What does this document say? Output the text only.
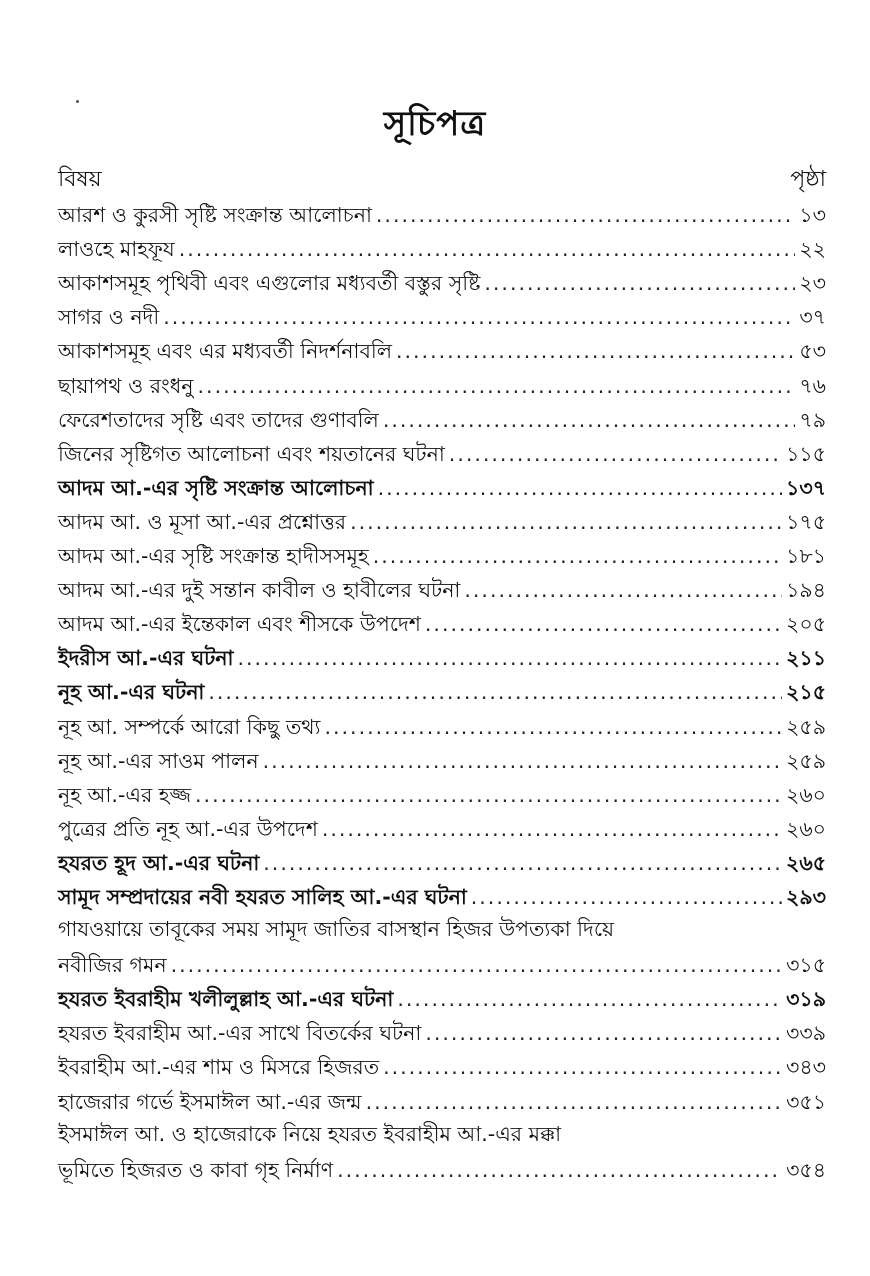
সূচিপত্র
বিষয়	পৃষ্ঠা
আরশ ও কুরসী সৃষ্টি সংক্রান্ত আলোচনা .....	১৩
লাওহে মাহফূয .....	২২
আকাশসমূহ পৃথিবী এবং এগুলোর মধ্যবর্তী বস্তুর সৃষ্টি .....	২৩
সাগর ও নদী .....	৩৭
আকাশসমূহ এবং এর মধ্যবর্তী নিদর্শনাবলি .....	৫৩
ছায়াপথ ও রংধনু .....	৭৬
ফেরেশতাদের সৃষ্টি এবং তাদের গুণাবলি .....	৭৯
জিনের সৃষ্টিগত আলোচনা এবং শয়তানের ঘটনা .....	১১৫
আদম আ.-এর সৃষ্টি সংক্রান্ত আলোচনা .....	১৩৭
আদম আ. ও মূসা আ.-এর প্রশ্নোত্তর .....	১৭৫
আদম আ.-এর সৃষ্টি সংক্রান্ত হাদীসসমূহ .....	১৮১
আদম আ.-এর দুই সন্তান কাবীল ও হাবীলের ঘটনা .....	১৯৪
আদম আ.-এর ইন্তেকাল এবং শীসকে উপদেশ .....	২০৫
ইদরীস আ.-এর ঘটনা .....	২১১
নূহ আ.-এর ঘটনা .....	২১৫
নূহ আ. সম্পর্কে আরো কিছু তথ্য .....	২৫৯
নূহ আ.-এর সাওম পালন .....	২৫৯
নূহ আ.-এর হজ্জ .....	২৬০
পুত্রের প্রতি নূহ আ.-এর উপদেশ .....	২৬০
হযরত হূদ আ.-এর ঘটনা .....	২৬৫
সামূদ সম্প্রদায়ের নবী হযরত সালিহ আ.-এর ঘটনা .....	২৯৩
গাযওয়ায়ে তাবূকের সময় সামূদ জাতির বাসস্থান হিজর উপত্যকা দিয়ে
নবীজির গমন .....	৩১৫
হযরত ইবরাহীম খলীলুল্লাহ আ.-এর ঘটনা .....	৩১৯
হযরত ইবরাহীম আ.-এর সাথে বিতর্কের ঘটনা .....	৩৩৯
ইবরাহীম আ.-এর শাম ও মিসরে হিজরত .....	৩৪৩
হাজেরার গর্ভে ইসমাঈল আ.-এর জন্ম .....	৩৫১
ইসমাঈল আ. ও হাজেরাকে নিয়ে হযরত ইবরাহীম আ.-এর মক্কা
ভূমিতে হিজরত ও কাবা গৃহ নির্মাণ .....	৩৫৪
